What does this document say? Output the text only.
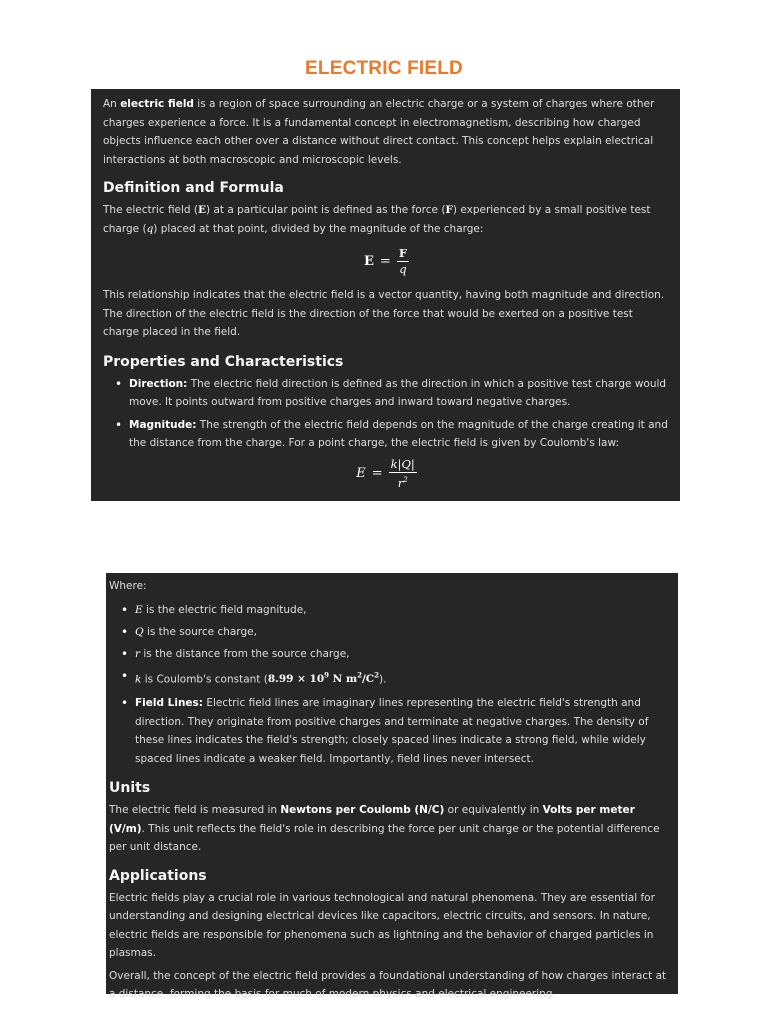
ELECTRIC FIELD

An electric field is a region of space surrounding an electric charge or a system of charges where other charges experience a force. It is a fundamental concept in electromagnetism, describing how charged objects influence each other over a distance without direct contact. This concept helps explain electrical interactions at both macroscopic and microscopic levels.

Definition and Formula

The electric field (E) at a particular point is defined as the force (F) experienced by a small positive test charge (q) placed at that point, divided by the magnitude of the charge:

$E = \frac{F}{q}$

This relationship indicates that the electric field is a vector quantity, having both magnitude and direction. The direction of the electric field is the direction of the force that would be exerted on a positive test charge placed in the field.

Properties and Characteristics
• Direction: The electric field direction is defined as the direction in which a positive test charge would move. It points outward from positive charges and inward toward negative charges.
• Magnitude: The strength of the electric field depends on the magnitude of the charge creating it and the distance from the charge. For a point charge, the electric field is given by Coulomb's law:
$E = \frac{k|Q|}{r^2}$

Where:

• E is the electric field magnitude,
• Q is the source charge,
• r is the distance from the source charge,
• k is Coulomb's constant ($8.99 \times 10^9$ N $m^2/C^2$).
• Field Lines: Electric field lines are imaginary lines representing the electric field's strength and direction. They originate from positive charges and terminate at negative charges. The density of these lines indicates the field's strength; closely spaced lines indicate a strong field, while widely spaced lines indicate a weaker field. Importantly, field lines never intersect.
Units

The electric field is measured in Newtons per Coulomb (N/C) or equivalently in Volts per meter (V/m). This unit reflects the field's role in describing the force per unit charge or the potential difference per unit distance.

Applications

Electric fields play a crucial role in various technological and natural phenomena. They are essential for understanding and designing electrical devices like capacitors, electric circuits, and sensors. In nature, electric fields are responsible for phenomena such as lightning and the behavior of charged particles in plasmas.

Overall, the concept of the electric field provides a foundational understanding of how charges interact at a distance, forming the basis for much of modern physics and electrical engineering.
